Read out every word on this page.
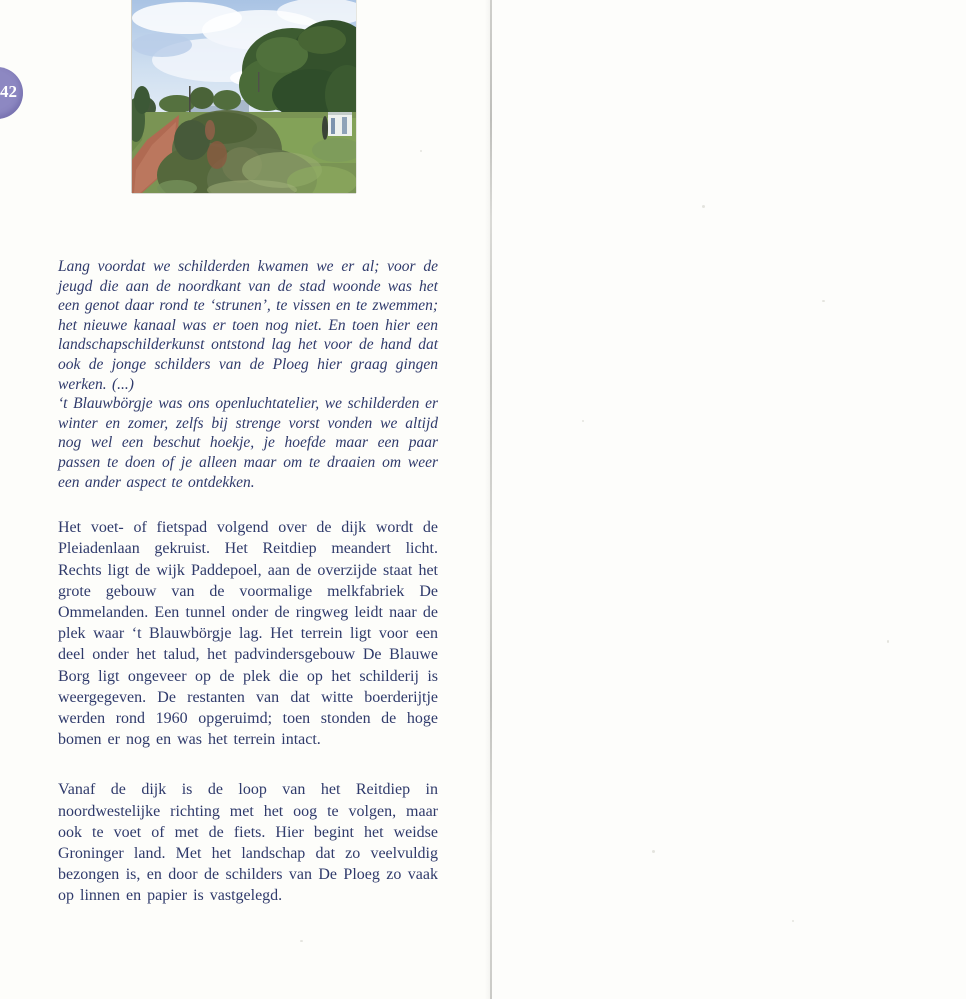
42

Lang voordat we schilderden kwamen we er al; voor de jeugd die aan de noordkant van de stad woonde was het een genot daar rond te ‘strunen’, te vissen en te zwemmen; het nieuwe kanaal was er toen nog niet. En toen hier een landschapschilderkunst ontstond lag het voor de hand dat ook de jonge schilders van de Ploeg hier graag gingen werken. (...)

‘t Blauwbörgje was ons openluchtatelier, we schilderden er winter en zomer, zelfs bij strenge vorst vonden we altijd nog wel een beschut hoekje, je hoefde maar een paar passen te doen of je alleen maar om te draaien om weer een ander aspect te ontdekken.

Het voet- of fietspad volgend over de dijk wordt de Pleiadenlaan gekruist. Het Reitdiep meandert licht. Rechts ligt de wijk Paddepoel, aan de overzijde staat het grote gebouw van de voormalige melkfabriek De Ommelanden. Een tunnel onder de ringweg leidt naar de plek waar ‘t Blauwbörgje lag. Het terrein ligt voor een deel onder het talud, het padvindersgebouw De Blauwe Borg ligt ongeveer op de plek die op het schilderij is weergegeven. De restanten van dat witte boerderijtje werden rond 1960 opgeruimd; toen stonden de hoge bomen er nog en was het terrein intact.

Vanaf de dijk is de loop van het Reitdiep in noordwestelijke richting met het oog te volgen, maar ook te voet of met de fiets. Hier begint het weidse Groninger land. Met het landschap dat zo veelvuldig bezongen is, en door de schilders van De Ploeg zo vaak op linnen en papier is vastgelegd.
